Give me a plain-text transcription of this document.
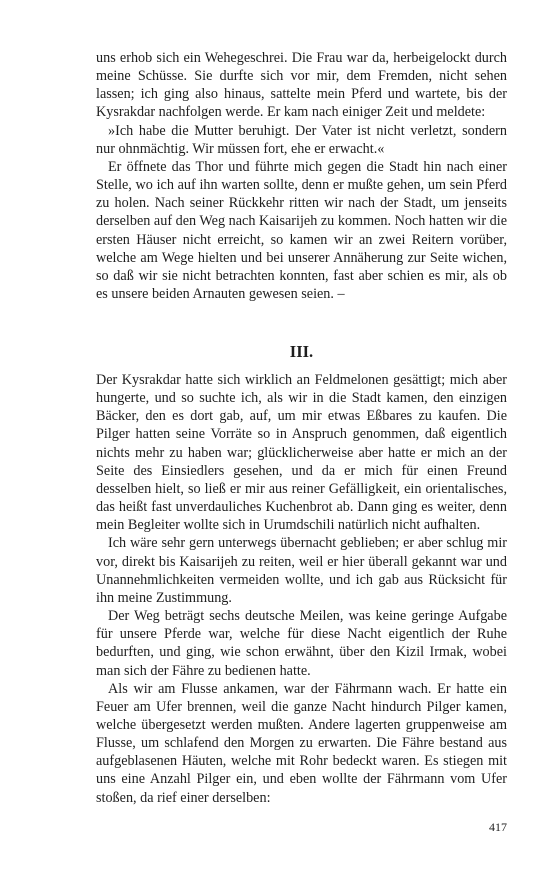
uns erhob sich ein Wehegeschrei. Die Frau war da, herbeigelockt durch meine Schüsse. Sie durfte sich vor mir, dem Fremden, nicht sehen lassen; ich ging also hinaus, sattelte mein Pferd und wartete, bis der Kysrakdar nachfolgen werde. Er kam nach einiger Zeit und meldete:

»Ich habe die Mutter beruhigt. Der Vater ist nicht verletzt, sondern nur ohnmächtig. Wir müssen fort, ehe er erwacht.«

Er öffnete das Thor und führte mich gegen die Stadt hin nach einer Stelle, wo ich auf ihn warten sollte, denn er mußte gehen, um sein Pferd zu holen. Nach seiner Rückkehr ritten wir nach der Stadt, um jenseits derselben auf den Weg nach Kaisarijeh zu kommen. Noch hatten wir die ersten Häuser nicht erreicht, so kamen wir an zwei Reitern vorüber, welche am Wege hielten und bei unserer Annäherung zur Seite wichen, so daß wir sie nicht betrachten konnten, fast aber schien es mir, als ob es unsere beiden Arnauten gewesen seien. –

III.

Der Kysrakdar hatte sich wirklich an Feldmelonen gesättigt; mich aber hungerte, und so suchte ich, als wir in die Stadt kamen, den einzigen Bäcker, den es dort gab, auf, um mir etwas Eßbares zu kaufen. Die Pilger hatten seine Vorräte so in Anspruch genommen, daß eigentlich nichts mehr zu haben war; glücklicherweise aber hatte er mich an der Seite des Einsiedlers gesehen, und da er mich für einen Freund desselben hielt, so ließ er mir aus reiner Gefälligkeit, ein orientalisches, das heißt fast unverdauliches Kuchenbrot ab. Dann ging es weiter, denn mein Begleiter wollte sich in Urumdschili natürlich nicht aufhalten.

Ich wäre sehr gern unterwegs übernacht geblieben; er aber schlug mir vor, direkt bis Kaisarijeh zu reiten, weil er hier überall gekannt war und Unannehmlichkeiten vermeiden wollte, und ich gab aus Rücksicht für ihn meine Zustimmung.

Der Weg beträgt sechs deutsche Meilen, was keine geringe Aufgabe für unsere Pferde war, welche für diese Nacht eigentlich der Ruhe bedurften, und ging, wie schon erwähnt, über den Kizil Irmak, wobei man sich der Fähre zu bedienen hatte.

Als wir am Flusse ankamen, war der Fährmann wach. Er hatte ein Feuer am Ufer brennen, weil die ganze Nacht hindurch Pilger kamen, welche übergesetzt werden mußten. Andere lagerten gruppenweise am Flusse, um schlafend den Morgen zu erwarten. Die Fähre bestand aus aufgeblasenen Häuten, welche mit Rohr bedeckt waren. Es stiegen mit uns eine Anzahl Pilger ein, und eben wollte der Fährmann vom Ufer stoßen, da rief einer derselben:

417
